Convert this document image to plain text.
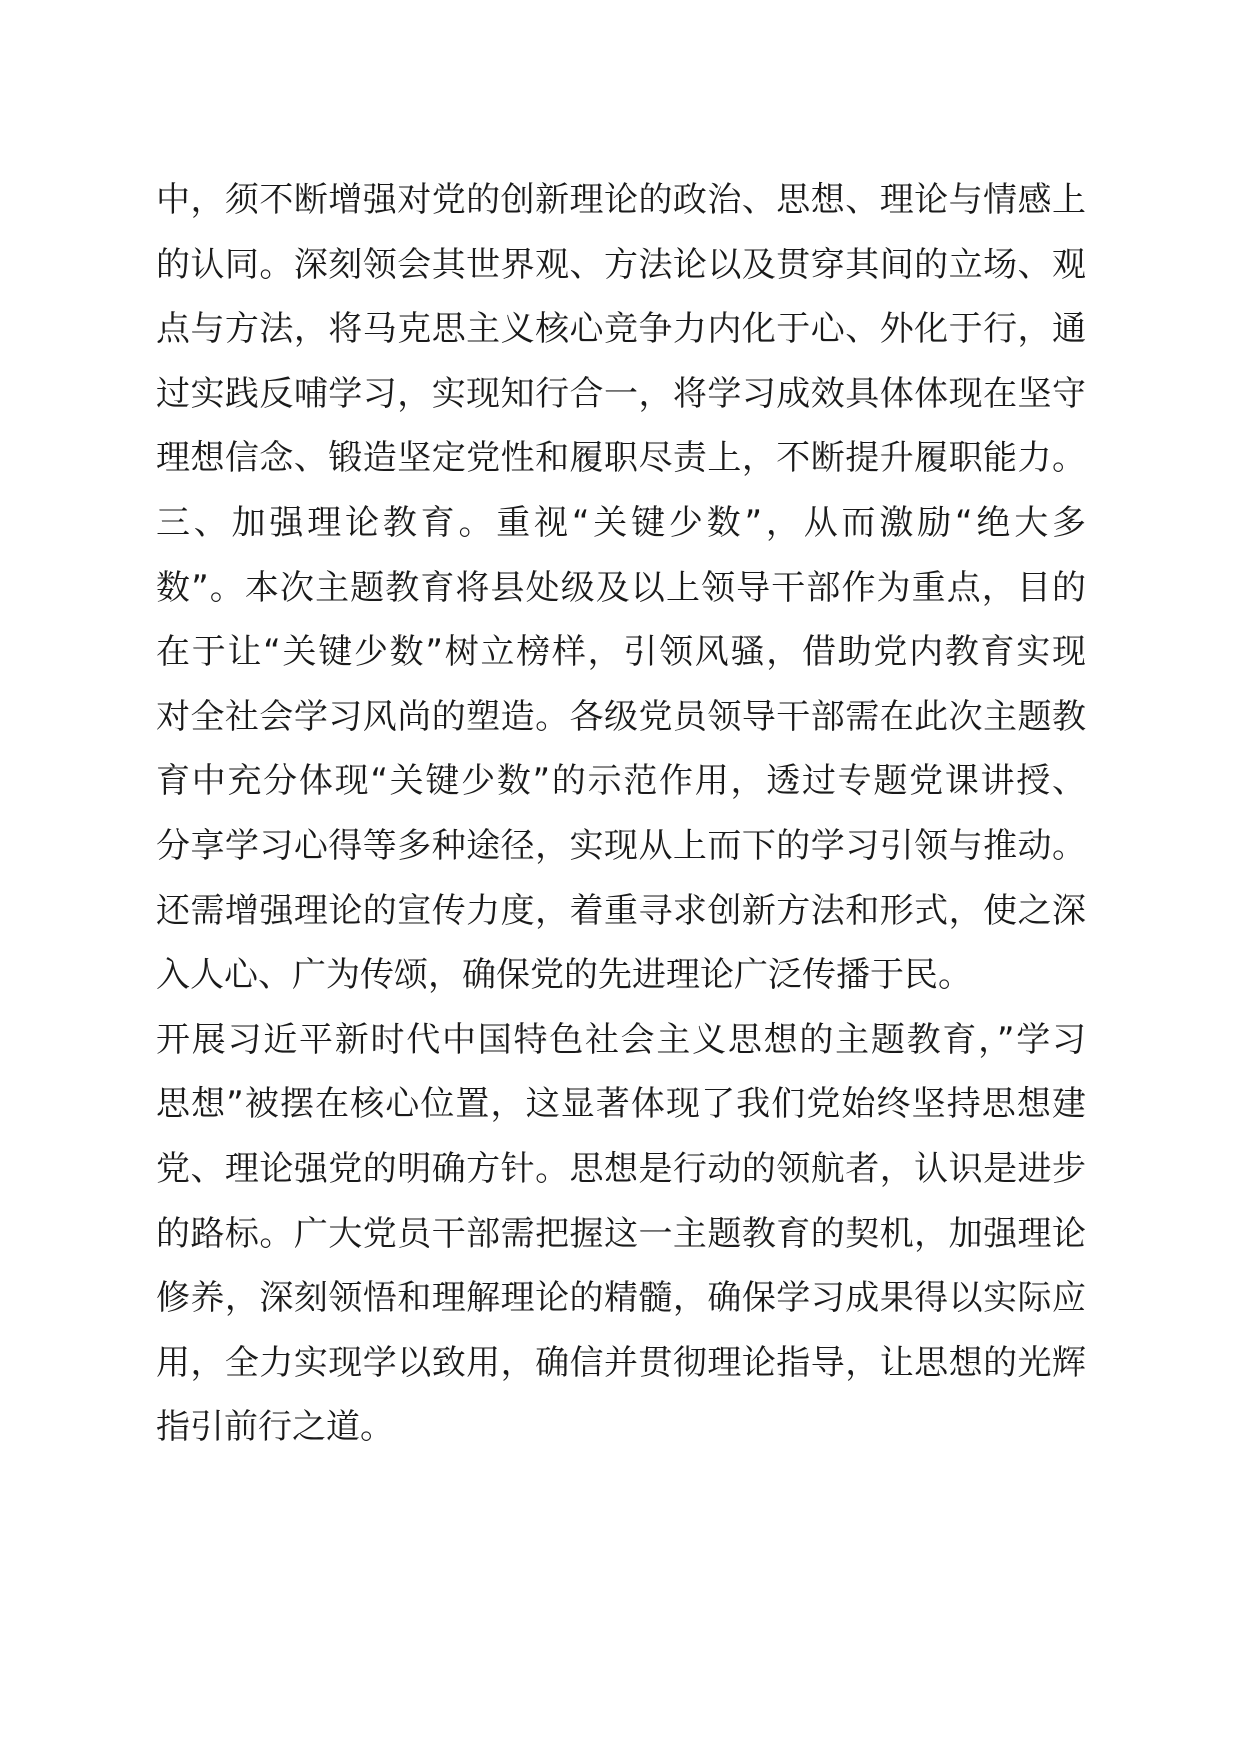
中，须不断增强对党的创新理论的政治、思想、理论与情感上
的认同。深刻领会其世界观、方法论以及贯穿其间的立场、观
点与方法，将马克思主义核心竞争力内化于心、外化于行，通
过实践反哺学习，实现知行合一，将学习成效具体体现在坚守
理想信念、锻造坚定党性和履职尽责上，不断提升履职能力。
三、加强理论教育。重视“关键少数”，从而激励“绝大多
数”。本次主题教育将县处级及以上领导干部作为重点，目的
在于让“关键少数”树立榜样，引领风骚，借助党内教育实现
对全社会学习风尚的塑造。各级党员领导干部需在此次主题教
育中充分体现“关键少数”的示范作用，透过专题党课讲授、
分享学习心得等多种途径，实现从上而下的学习引领与推动。
还需增强理论的宣传力度，着重寻求创新方法和形式，使之深
入人心、广为传颂，确保党的先进理论广泛传播于民。
开展习近平新时代中国特色社会主义思想的主题教育，”学习
思想”被摆在核心位置，这显著体现了我们党始终坚持思想建
党、理论强党的明确方针。思想是行动的领航者，认识是进步
的路标。广大党员干部需把握这一主题教育的契机，加强理论
修养，深刻领悟和理解理论的精髓，确保学习成果得以实际应
用，全力实现学以致用，确信并贯彻理论指导，让思想的光辉
指引前行之道。
